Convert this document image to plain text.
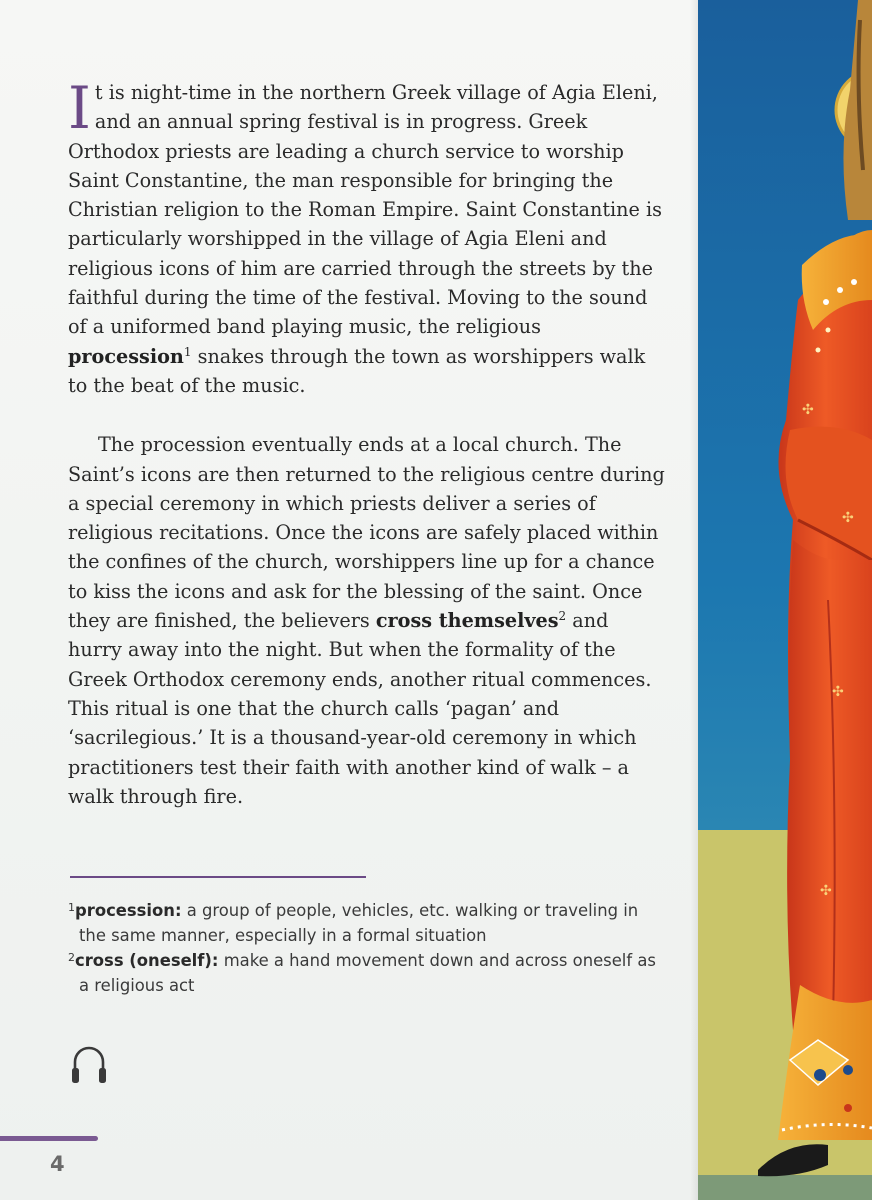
It is night-time in the northern Greek village of Agia Eleni, and an annual spring festival is in progress. Greek Orthodox priests are leading a church service to worship Saint Constantine, the man responsible for bringing the Christian religion to the Roman Empire. Saint Constantine is particularly worshipped in the village of Agia Eleni and religious icons of him are carried through the streets by the faithful during the time of the festival. Moving to the sound of a uniformed band playing music, the religious procession$^1$ snakes through the town as worshippers walk to the beat of the music.

The procession eventually ends at a local church. The Saint’s icons are then returned to the religious centre during a special ceremony in which priests deliver a series of religious recitations. Once the icons are safely placed within the confines of the church, worshippers line up for a chance to kiss the icons and ask for the blessing of the saint. Once they are finished, the believers cross themselves$^2$ and hurry away into the night. But when the formality of the Greek Orthodox ceremony ends, another ritual commences. This ritual is one that the church calls ‘pagan’ and ‘sacrilegious.’ It is a thousand-year-old ceremony in which practitioners test their faith with another kind of walk – a walk through fire.

$^1$procession: a group of people, vehicles, etc. walking or traveling in the same manner, especially in a formal situation
$^2$cross (oneself): make a hand movement down and across oneself as a religious act
4
✣
✣
✣
✣
